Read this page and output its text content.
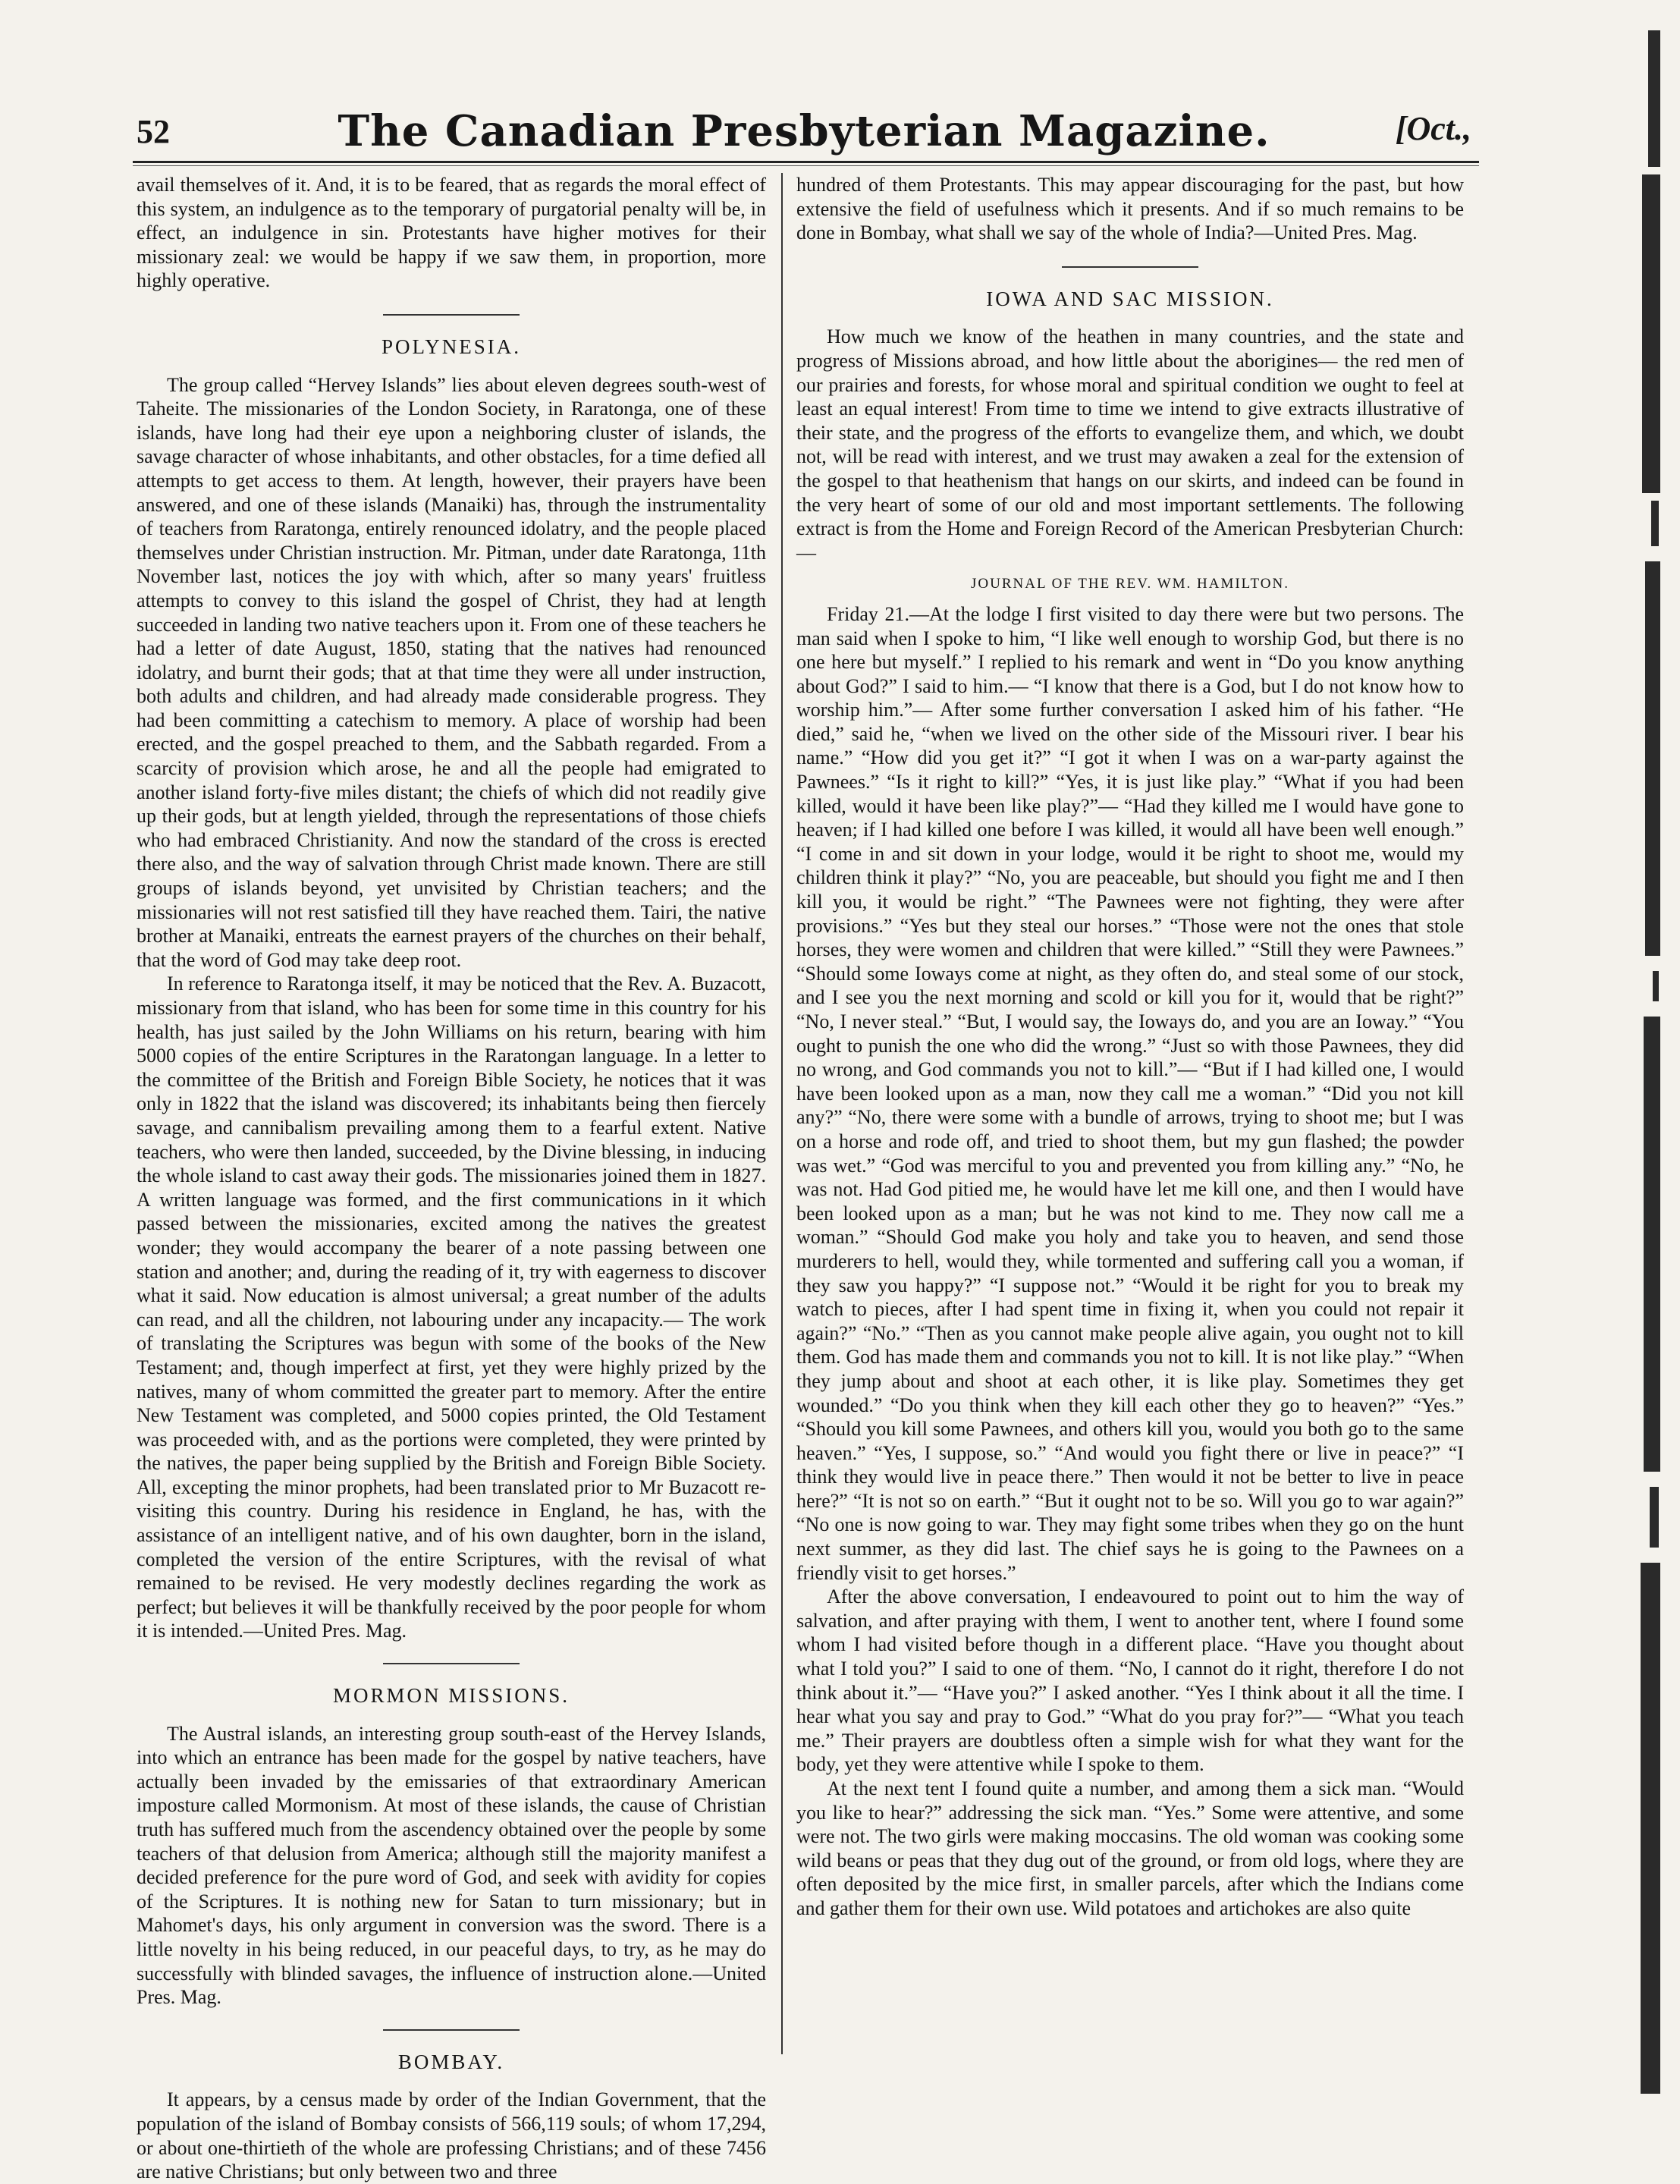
52	The Canadian Presbyterian Magazine.	[Oct.,

avail themselves of it. And, it is to be feared, that as regards the moral effect of this system, an indulgence as to the temporary of purgatorial penalty will be, in effect, an indulgence in sin. Protestants have higher motives for their missionary zeal: we would be happy if we saw them, in proportion, more highly operative.

POLYNESIA.

The group called “Hervey Islands” lies about eleven degrees south-west of Taheite. The missionaries of the London Society, in Raratonga, one of these islands, have long had their eye upon a neighboring cluster of islands, the savage character of whose inhabitants, and other obstacles, for a time defied all attempts to get access to them. At length, however, their prayers have been answered, and one of these islands (Manaiki) has, through the instrumentality of teachers from Raratonga, entirely renounced idolatry, and the people placed themselves under Christian instruction. Mr. Pitman, under date Raratonga, 11th November last, notices the joy with which, after so many years' fruitless attempts to convey to this island the gospel of Christ, they had at length succeeded in landing two native teachers upon it. From one of these teachers he had a letter of date August, 1850, stating that the natives had renounced idolatry, and burnt their gods; that at that time they were all under instruction, both adults and children, and had already made considerable progress. They had been committing a catechism to memory. A place of worship had been erected, and the gospel preached to them, and the Sabbath regarded. From a scarcity of provision which arose, he and all the people had emigrated to another island forty-five miles distant; the chiefs of which did not readily give up their gods, but at length yielded, through the representations of those chiefs who had embraced Christianity. And now the standard of the cross is erected there also, and the way of salvation through Christ made known. There are still groups of islands beyond, yet unvisited by Christian teachers; and the missionaries will not rest satisfied till they have reached them. Tairi, the native brother at Manaiki, entreats the earnest prayers of the churches on their behalf, that the word of God may take deep root.

In reference to Raratonga itself, it may be noticed that the Rev. A. Buzacott, missionary from that island, who has been for some time in this country for his health, has just sailed by the John Williams on his return, bearing with him 5000 copies of the entire Scriptures in the Raratongan language. In a letter to the committee of the British and Foreign Bible Society, he notices that it was only in 1822 that the island was discovered; its inhabitants being then fiercely savage, and cannibalism prevailing among them to a fearful extent. Native teachers, who were then landed, succeeded, by the Divine blessing, in inducing the whole island to cast away their gods. The missionaries joined them in 1827. A written language was formed, and the first communications in it which passed between the missionaries, excited among the natives the greatest wonder; they would accompany the bearer of a note passing between one station and another; and, during the reading of it, try with eagerness to discover what it said. Now education is almost universal; a great number of the adults can read, and all the children, not labouring under any incapacity.— The work of translating the Scriptures was begun with some of the books of the New Testament; and, though imperfect at first, yet they were highly prized by the natives, many of whom committed the greater part to memory. After the entire New Testament was completed, and 5000 copies printed, the Old Testament was proceeded with, and as the portions were completed, they were printed by the natives, the paper being supplied by the British and Foreign Bible Society. All, excepting the minor prophets, had been translated prior to Mr Buzacott re-visiting this country. During his residence in England, he has, with the assistance of an intelligent native, and of his own daughter, born in the island, completed the version of the entire Scriptures, with the revisal of what remained to be revised. He very modestly declines regarding the work as perfect; but believes it will be thankfully received by the poor people for whom it is intended.—United Pres. Mag.

MORMON MISSIONS.

The Austral islands, an interesting group south-east of the Hervey Islands, into which an entrance has been made for the gospel by native teachers, have actually been invaded by the emissaries of that extraordinary American imposture called Mormonism. At most of these islands, the cause of Christian truth has suffered much from the ascendency obtained over the people by some teachers of that delusion from America; although still the majority manifest a decided preference for the pure word of God, and seek with avidity for copies of the Scriptures. It is nothing new for Satan to turn missionary; but in Mahomet's days, his only argument in conversion was the sword. There is a little novelty in his being reduced, in our peaceful days, to try, as he may do successfully with blinded savages, the influence of instruction alone.—United Pres. Mag.

BOMBAY.

It appears, by a census made by order of the Indian Government, that the population of the island of Bombay consists of 566,119 souls; of whom 17,294, or about one-thirtieth of the whole are professing Christians; and of these 7456 are native Christians; but only between two and three

hundred of them Protestants. This may appear discouraging for the past, but how extensive the field of usefulness which it presents. And if so much remains to be done in Bombay, what shall we say of the whole of India?—United Pres. Mag.

IOWA AND SAC MISSION.

How much we know of the heathen in many countries, and the state and progress of Missions abroad, and how little about the aborigines— the red men of our prairies and forests, for whose moral and spiritual condition we ought to feel at least an equal interest! From time to time we intend to give extracts illustrative of their state, and the progress of the efforts to evangelize them, and which, we doubt not, will be read with interest, and we trust may awaken a zeal for the extension of the gospel to that heathenism that hangs on our skirts, and indeed can be found in the very heart of some of our old and most important settlements. The following extract is from the Home and Foreign Record of the American Presbyterian Church:—

JOURNAL OF THE REV. WM. HAMILTON.

Friday 21.—At the lodge I first visited to day there were but two persons. The man said when I spoke to him, “I like well enough to worship God, but there is no one here but myself.” I replied to his remark and went in “Do you know anything about God?” I said to him.— “I know that there is a God, but I do not know how to worship him.”— After some further conversation I asked him of his father. “He died,” said he, “when we lived on the other side of the Missouri river. I bear his name.” “How did you get it?” “I got it when I was on a war-party against the Pawnees.” “Is it right to kill?” “Yes, it is just like play.” “What if you had been killed, would it have been like play?”— “Had they killed me I would have gone to heaven; if I had killed one before I was killed, it would all have been well enough.” “I come in and sit down in your lodge, would it be right to shoot me, would my children think it play?” “No, you are peaceable, but should you fight me and I then kill you, it would be right.” “The Pawnees were not fighting, they were after provisions.” “Yes but they steal our horses.” “Those were not the ones that stole horses, they were women and children that were killed.” “Still they were Pawnees.” “Should some Ioways come at night, as they often do, and steal some of our stock, and I see you the next morning and scold or kill you for it, would that be right?” “No, I never steal.” “But, I would say, the Ioways do, and you are an Ioway.” “You ought to punish the one who did the wrong.” “Just so with those Pawnees, they did no wrong, and God commands you not to kill.”— “But if I had killed one, I would have been looked upon as a man, now they call me a woman.” “Did you not kill any?” “No, there were some with a bundle of arrows, trying to shoot me; but I was on a horse and rode off, and tried to shoot them, but my gun flashed; the powder was wet.” “God was merciful to you and prevented you from killing any.” “No, he was not. Had God pitied me, he would have let me kill one, and then I would have been looked upon as a man; but he was not kind to me. They now call me a woman.” “Should God make you holy and take you to heaven, and send those murderers to hell, would they, while tormented and suffering call you a woman, if they saw you happy?” “I suppose not.” “Would it be right for you to break my watch to pieces, after I had spent time in fixing it, when you could not repair it again?” “No.” “Then as you cannot make people alive again, you ought not to kill them. God has made them and commands you not to kill. It is not like play.” “When they jump about and shoot at each other, it is like play. Sometimes they get wounded.” “Do you think when they kill each other they go to heaven?” “Yes.” “Should you kill some Pawnees, and others kill you, would you both go to the same heaven.” “Yes, I suppose, so.” “And would you fight there or live in peace?” “I think they would live in peace there.” Then would it not be better to live in peace here?” “It is not so on earth.” “But it ought not to be so. Will you go to war again?” “No one is now going to war. They may fight some tribes when they go on the hunt next summer, as they did last. The chief says he is going to the Pawnees on a friendly visit to get horses.”

After the above conversation, I endeavoured to point out to him the way of salvation, and after praying with them, I went to another tent, where I found some whom I had visited before though in a different place. “Have you thought about what I told you?” I said to one of them. “No, I cannot do it right, therefore I do not think about it.”— “Have you?” I asked another. “Yes I think about it all the time. I hear what you say and pray to God.” “What do you pray for?”— “What you teach me.” Their prayers are doubtless often a simple wish for what they want for the body, yet they were attentive while I spoke to them.

At the next tent I found quite a number, and among them a sick man. “Would you like to hear?” addressing the sick man. “Yes.” Some were attentive, and some were not. The two girls were making moccasins. The old woman was cooking some wild beans or peas that they dug out of the ground, or from old logs, where they are often deposited by the mice first, in smaller parcels, after which the Indians come and gather them for their own use. Wild potatoes and artichokes are also quite
